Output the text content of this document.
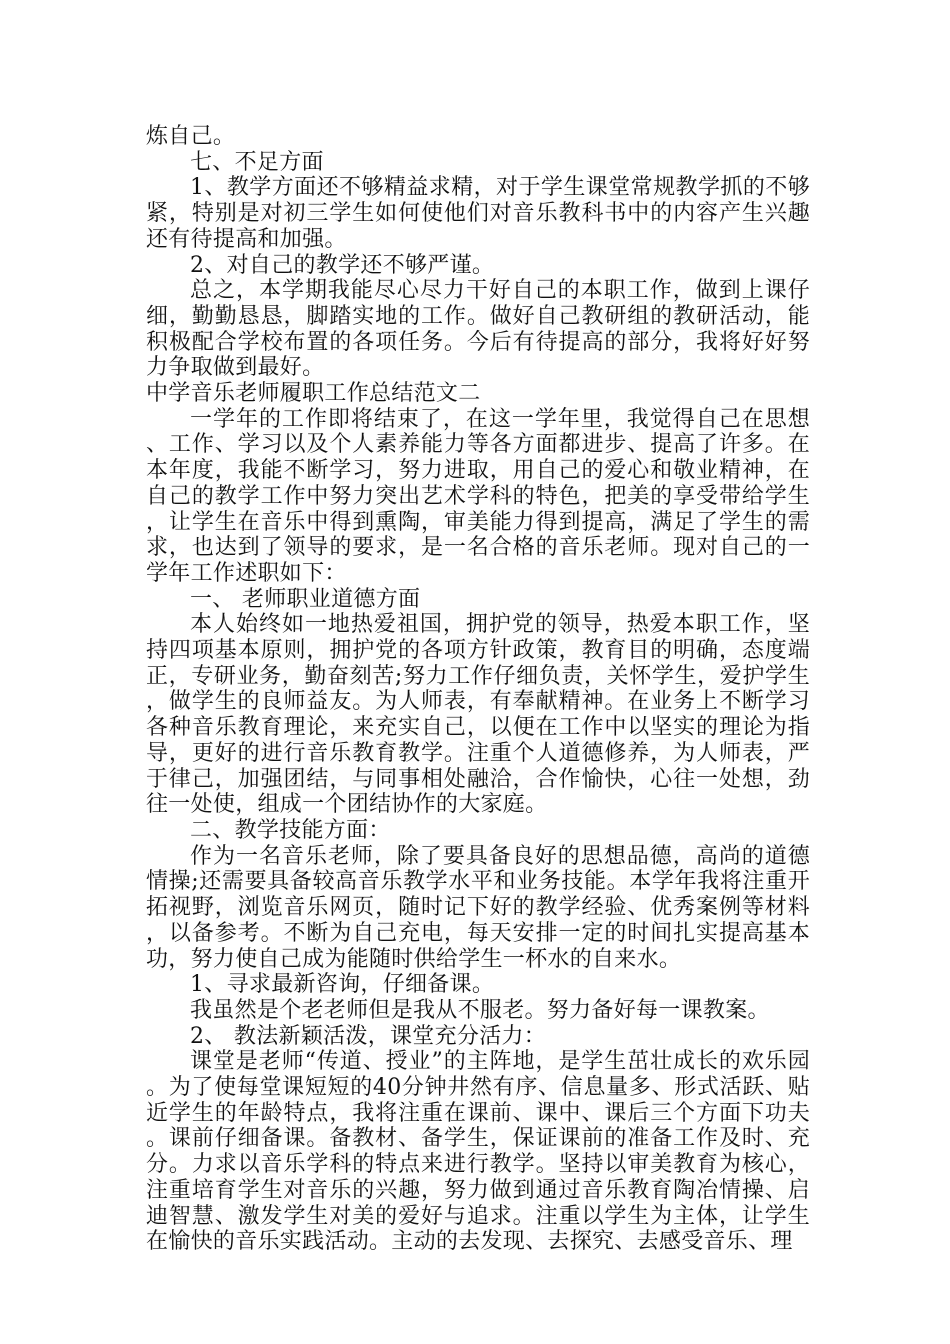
炼自己。

七、不足方面

1、教学方面还不够精益求精，对于学生课堂常规教学抓的不够紧，特别是对初三学生如何使他们对音乐教科书中的内容产生兴趣还有待提高和加强。

2、对自己的教学还不够严谨。

总之，本学期我能尽心尽力干好自己的本职工作，做到上课仔细，勤勤恳恳，脚踏实地的工作。做好自己教研组的教研活动，能积极配合学校布置的各项任务。今后有待提高的部分，我将好好努力争取做到最好。

中学音乐老师履职工作总结范文二

一学年的工作即将结束了，在这一学年里，我觉得自己在思想、工作、学习以及个人素养能力等各方面都进步、提高了许多。在本年度，我能不断学习，努力进取，用自己的爱心和敬业精神，在自己的教学工作中努力突出艺术学科的特色，把美的享受带给学生，让学生在音乐中得到熏陶，审美能力得到提高，满足了学生的需求，也达到了领导的要求，是一名合格的音乐老师。现对自己的一学年工作述职如下：

一、 老师职业道德方面

本人始终如一地热爱祖国，拥护党的领导，热爱本职工作，坚持四项基本原则，拥护党的各项方针政策，教育目的明确，态度端正，专研业务，勤奋刻苦;努力工作仔细负责，关怀学生，爱护学生，做学生的良师益友。为人师表，有奉献精神。在业务上不断学习各种音乐教育理论，来充实自己，以便在工作中以坚实的理论为指导，更好的进行音乐教育教学。注重个人道德修养，为人师表，严于律己，加强团结，与同事相处融洽，合作愉快，心往一处想，劲往一处使，组成一个团结协作的大家庭。

二、教学技能方面：

作为一名音乐老师，除了要具备良好的思想品德，高尚的道德情操;还需要具备较高音乐教学水平和业务技能。本学年我将注重开拓视野，浏览音乐网页，随时记下好的教学经验、优秀案例等材料，以备参考。不断为自己充电，每天安排一定的时间扎实提高基本功，努力使自己成为能随时供给学生一杯水的自来水。

1、寻求最新咨询，仔细备课。

我虽然是个老老师但是我从不服老。努力备好每一课教案。

2、 教法新颖活泼，课堂充分活力：

课堂是老师“传道、授业”的主阵地，是学生茁壮成长的欢乐园。为了使每堂课短短的40分钟井然有序、信息量多、形式活跃、贴近学生的年龄特点，我将注重在课前、课中、课后三个方面下功夫。课前仔细备课。备教材、备学生，保证课前的准备工作及时、充分。力求以音乐学科的特点来进行教学。坚持以审美教育为核心，注重培育学生对音乐的兴趣，努力做到通过音乐教育陶冶情操、启迪智慧、激发学生对美的爱好与追求。注重以学生为主体，让学生在愉快的音乐实践活动。主动的去发现、去探究、去感受音乐、理
